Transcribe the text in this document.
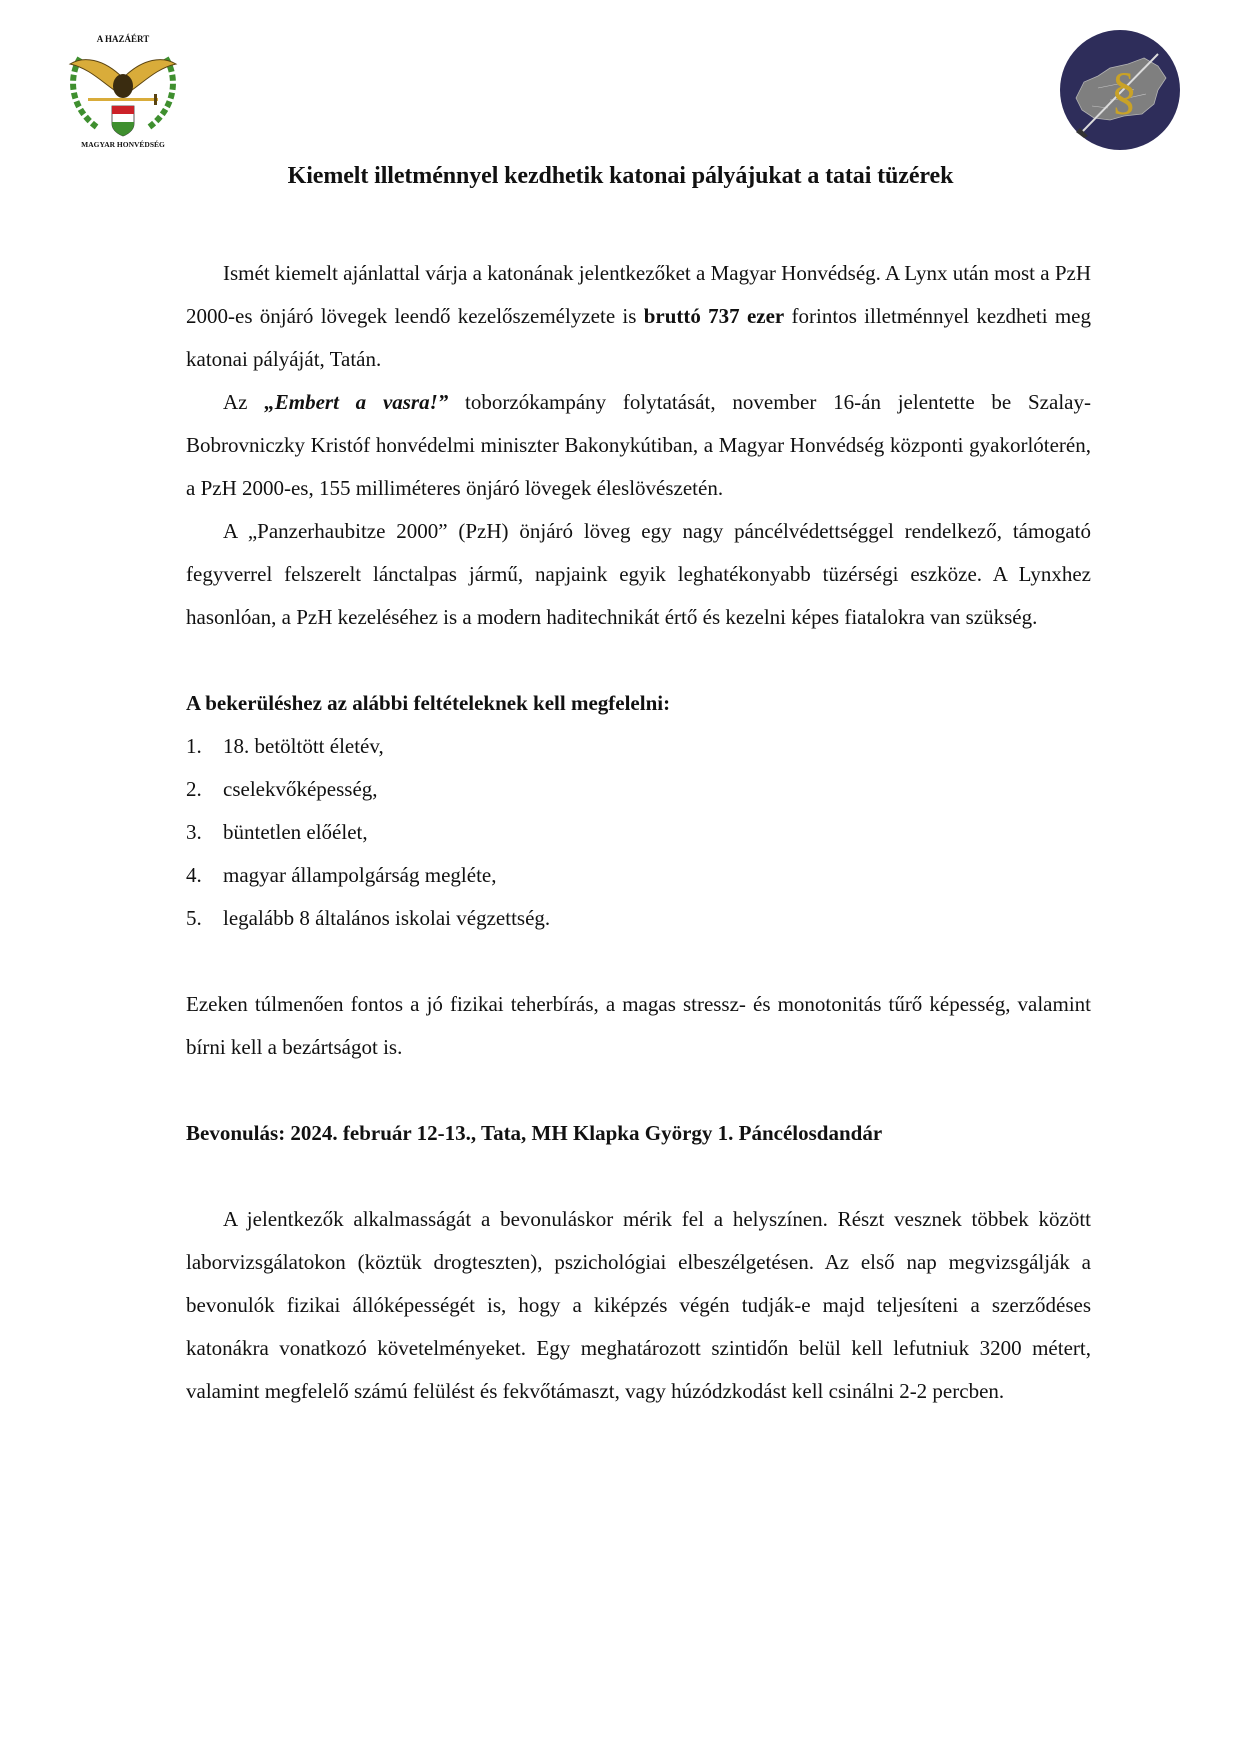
A HAZÁÉRT
MAGYAR HONVÉDSÉG
§
Kiemelt illetménnyel kezdhetik katonai pályájukat a tatai tüzérek

Ismét kiemelt ajánlattal várja a katonának jelentkezőket a Magyar Honvédség. A Lynx után most a PzH 2000-es önjáró lövegek leendő kezelőszemélyzete is bruttó 737 ezer forintos illetménnyel kezdheti meg katonai pályáját, Tatán.

Az „Embert a vasra!” toborzókampány folytatását, november 16-án jelentette be Szalay-Bobrovniczky Kristóf honvédelmi miniszter Bakonykútiban, a Magyar Honvédség központi gyakorlóterén, a PzH 2000-es, 155 milliméteres önjáró lövegek éleslövészetén.

A „Panzerhaubitze 2000” (PzH) önjáró löveg egy nagy páncélvédettséggel rendelkező, támogató fegyverrel felszerelt lánctalpas jármű, napjaink egyik leghatékonyabb tüzérségi eszköze. A Lynxhez hasonlóan, a PzH kezeléséhez is a modern haditechnikát értő és kezelni képes fiatalokra van szükség.

A bekerüléshez az alábbi feltételeknek kell megfelelni:

1.	18. betöltött életév,
2.	cselekvőképesség,
3.	büntetlen előélet,
4.	magyar állampolgárság megléte,
5.	legalább 8 általános iskolai végzettség.

Ezeken túlmenően fontos a jó fizikai teherbírás, a magas stressz- és monotonitás tűrő képesség, valamint bírni kell a bezártságot is.

Bevonulás: 2024. február 12-13., Tata, MH Klapka György 1. Páncélosdandár

A jelentkezők alkalmasságát a bevonuláskor mérik fel a helyszínen. Részt vesznek többek között laborvizsgálatokon (köztük drogteszten), pszichológiai elbeszélgetésen. Az első nap megvizsgálják a bevonulók fizikai állóképességét is, hogy a kiképzés végén tudják-e majd teljesíteni a szerződéses katonákra vonatkozó követelményeket. Egy meghatározott szintidőn belül kell lefutniuk 3200 métert, valamint megfelelő számú felülést és fekvőtámaszt, vagy húzódzkodást kell csinálni 2-2 percben.
